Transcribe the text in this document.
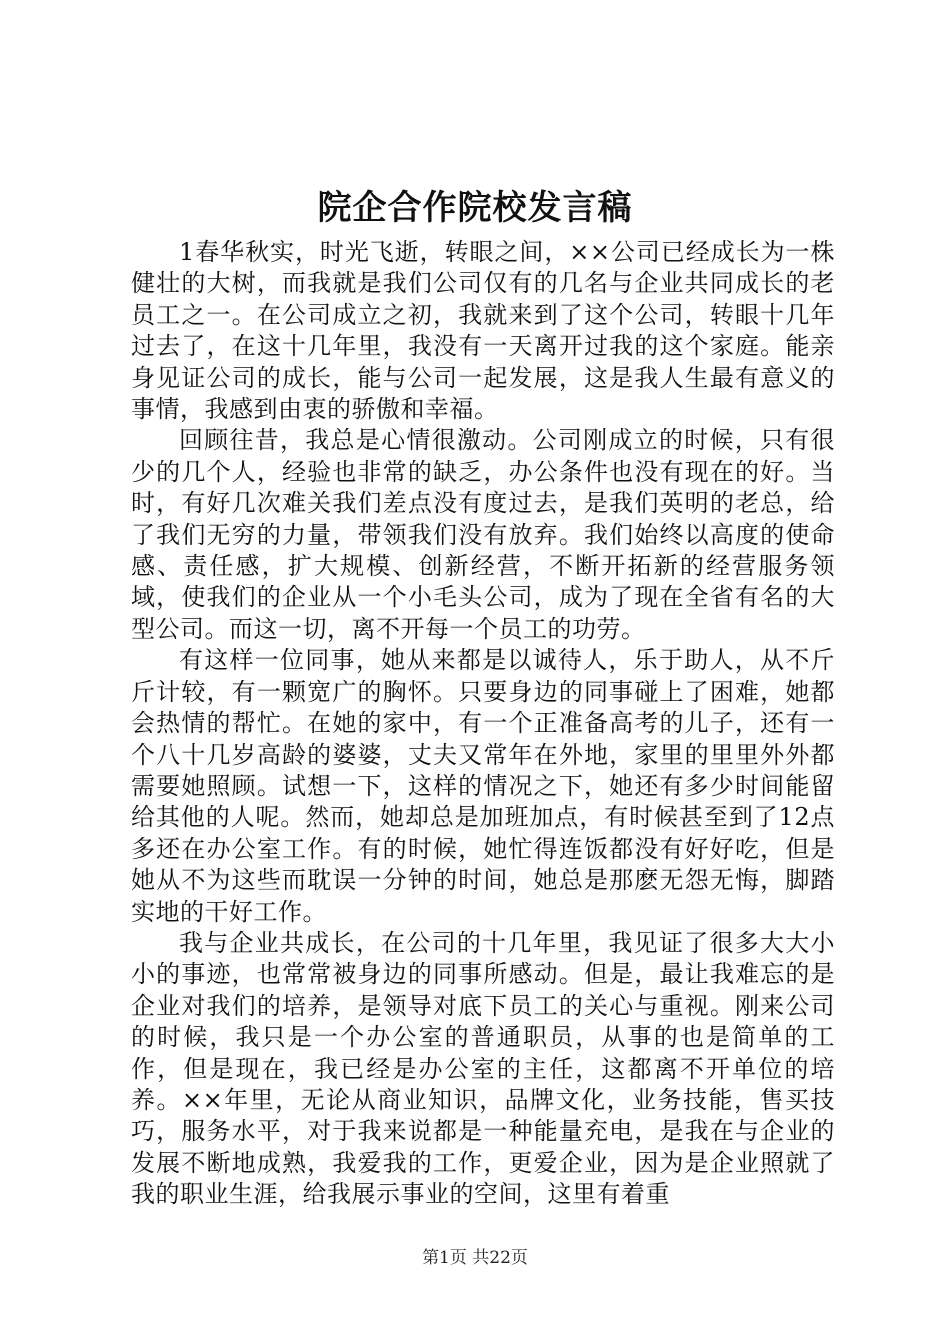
院企合作院校发言稿

1春华秋实，时光飞逝，转眼之间，××公司已经成长为一株健壮的大树，而我就是我们公司仅有的几名与企业共同成长的老员工之一。在公司成立之初，我就来到了这个公司，转眼十几年过去了，在这十几年里，我没有一天离开过我的这个家庭。能亲身见证公司的成长，能与公司一起发展，这是我人生最有意义的事情，我感到由衷的骄傲和幸福。

回顾往昔，我总是心情很激动。公司刚成立的时候，只有很少的几个人，经验也非常的缺乏，办公条件也没有现在的好。当时，有好几次难关我们差点没有度过去，是我们英明的老总，给了我们无穷的力量，带领我们没有放弃。我们始终以高度的使命感、责任感，扩大规模、创新经营，不断开拓新的经营服务领域，使我们的企业从一个小毛头公司，成为了现在全省有名的大型公司。而这一切，离不开每一个员工的功劳。

有这样一位同事，她从来都是以诚待人，乐于助人，从不斤斤计较，有一颗宽广的胸怀。只要身边的同事碰上了困难，她都会热情的帮忙。在她的家中，有一个正准备高考的儿子，还有一个八十几岁高龄的婆婆，丈夫又常年在外地，家里的里里外外都需要她照顾。试想一下，这样的情况之下，她还有多少时间能留给其他的人呢。然而，她却总是加班加点，有时候甚至到了12点多还在办公室工作。有的时候，她忙得连饭都没有好好吃，但是她从不为这些而耽误一分钟的时间，她总是那麽无怨无悔，脚踏实地的干好工作。

我与企业共成长，在公司的十几年里，我见证了很多大大小小的事迹，也常常被身边的同事所感动。但是，最让我难忘的是企业对我们的培养，是领导对底下员工的关心与重视。刚来公司的时候，我只是一个办公室的普通职员，从事的也是简单的工作，但是现在，我已经是办公室的主任，这都离不开单位的培养。××年里，无论从商业知识，品牌文化，业务技能，售买技巧，服务水平，对于我来说都是一种能量充电，是我在与企业的发展不断地成熟，我爱我的工作，更爱企业，因为是企业照就了我的职业生涯，给我展示事业的空间，这里有着重

第1页 共22页
